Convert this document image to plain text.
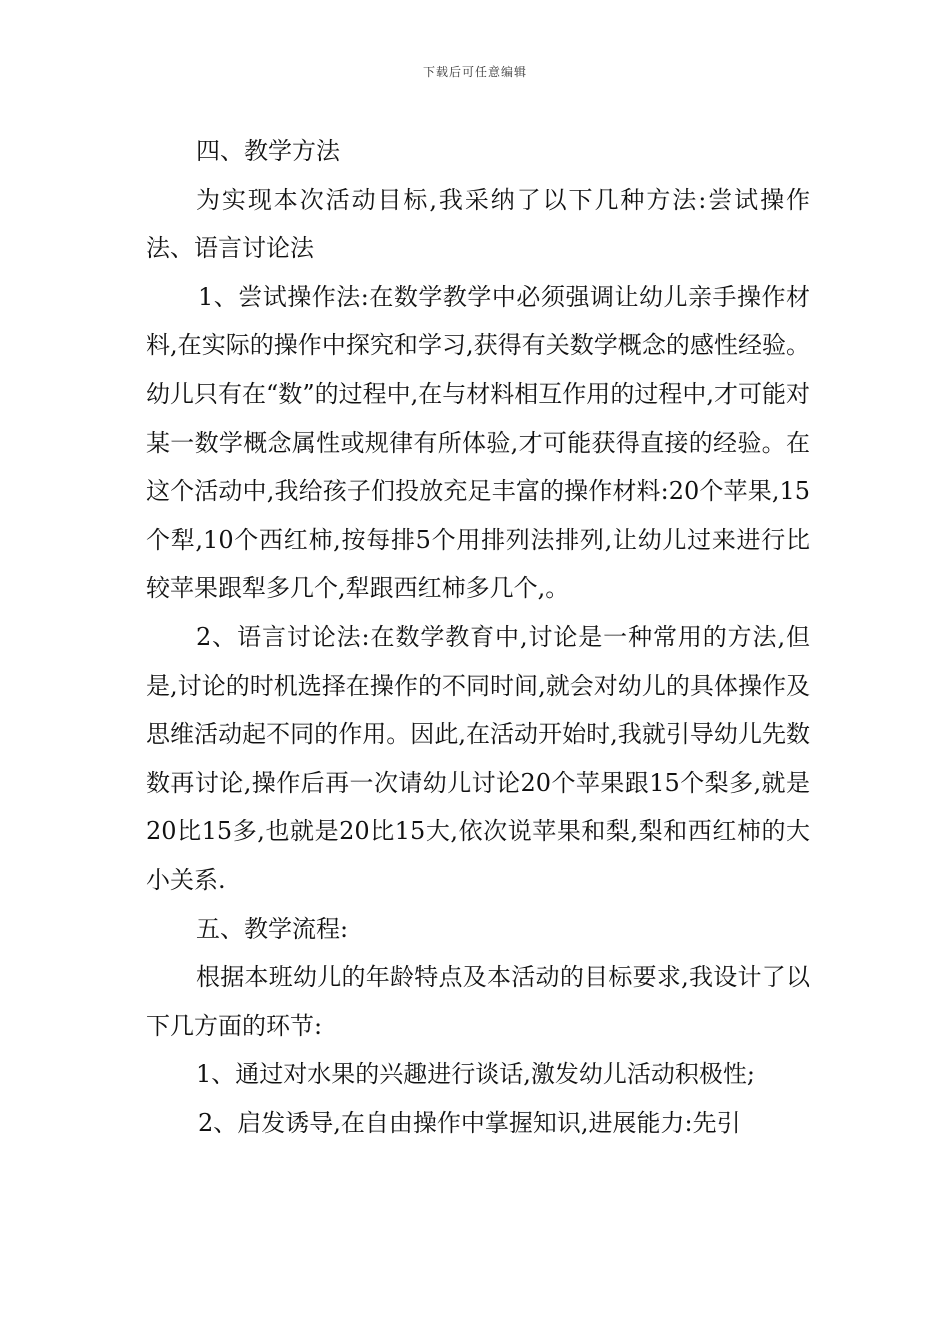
下载后可任意编辑

四、教学方法

为实现本次活动目标,我采纳了以下几种方法:尝试操作法、语言讨论法

1、尝试操作法:在数学教学中必须强调让幼儿亲手操作材料,在实际的操作中探究和学习,获得有关数学概念的感性经验。幼儿只有在“数”的过程中,在与材料相互作用的过程中,才可能对某一数学概念属性或规律有所体验,才可能获得直接的经验。在这个活动中,我给孩子们投放充足丰富的操作材料:20个苹果,15个犁,10个西红柿,按每排5个用排列法排列,让幼儿过来进行比较苹果跟犁多几个,犁跟西红柿多几个,。

2、语言讨论法:在数学教育中,讨论是一种常用的方法,但是,讨论的时机选择在操作的不同时间,就会对幼儿的具体操作及思维活动起不同的作用。因此,在活动开始时,我就引导幼儿先数数再讨论,操作后再一次请幼儿讨论20个苹果跟15个梨多,就是20比15多,也就是20比15大,依次说苹果和梨,梨和西红柿的大小关系.

五、教学流程:

根据本班幼儿的年龄特点及本活动的目标要求,我设计了以下几方面的环节:

1、通过对水果的兴趣进行谈话,激发幼儿活动积极性;

2、启发诱导,在自由操作中掌握知识,进展能力:先引
